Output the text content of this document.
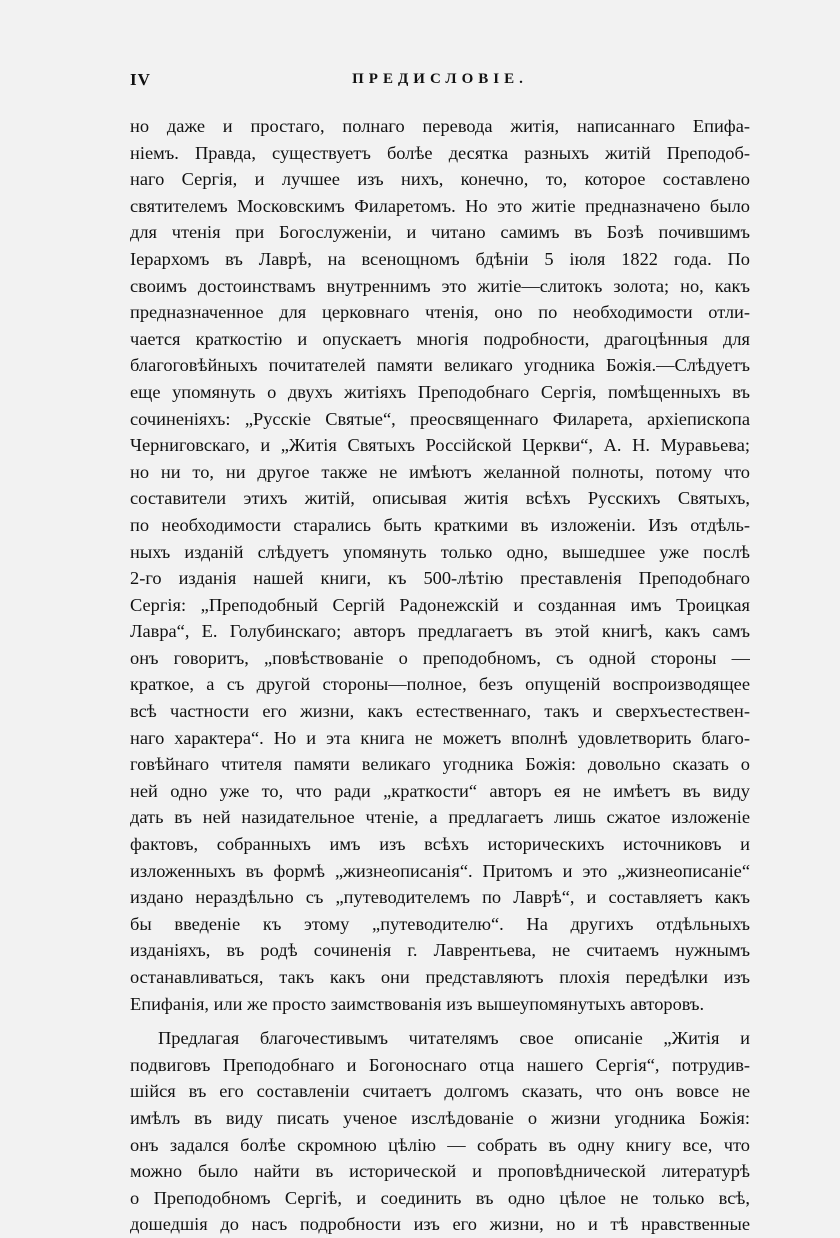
IV	ПРЕДИСЛОВІЕ.
но даже и простаго, полнаго перевода житія, написаннаго Епифа-
ніемъ. Правда, существуетъ болѣе десятка разныхъ житій Преподоб-
наго Сергія, и лучшее изъ нихъ, конечно, то, которое составлено
святителемъ Московскимъ Филаретомъ. Но это житіе предназначено было
для чтенія при Богослуженіи, и читано самимъ въ Бозѣ почившимъ
Іерархомъ въ Лаврѣ, на всенощномъ бдѣніи 5 іюля 1822 года. По
своимъ достоинствамъ внутреннимъ это житіе—слитокъ золота; но, какъ
предназначенное для церковнаго чтенія, оно по необходимости отли-
чается краткостію и опускаетъ многія подробности, драгоцѣнныя для
благоговѣйныхъ почитателей памяти великаго угодника Божія.—Слѣдуетъ
еще упомянуть о двухъ житіяхъ Преподобнаго Сергія, помѣщенныхъ въ
сочиненіяхъ: „Русскіе Святые“, преосвященнаго Филарета, архіепископа
Черниговскаго, и „Житія Святыхъ Россійской Церкви“, А. Н. Муравьева;
но ни то, ни другое также не имѣютъ желанной полноты, потому что
составители этихъ житій, описывая житія всѣхъ Русскихъ Святыхъ,
по необходимости старались быть краткими въ изложеніи. Изъ отдѣль-
ныхъ изданій слѣдуетъ упомянуть только одно, вышедшее уже послѣ
2-го изданія нашей книги, къ 500-лѣтію преставленія Преподобнаго
Сергія: „Преподобный Сергій Радонежскій и созданная имъ Троицкая
Лавра“, Е. Голубинскаго; авторъ предлагаетъ въ этой книгѣ, какъ самъ
онъ говоритъ, „повѣствованіе о преподобномъ, съ одной стороны —
краткое, а съ другой стороны—полное, безъ опущеній воспроизводящее
всѣ частности его жизни, какъ естественнаго, такъ и сверхъестествен-
наго характера“. Но и эта книга не можетъ вполнѣ удовлетворить благо-
говѣйнаго чтителя памяти великаго угодника Божія: довольно сказать о
ней одно уже то, что ради „краткости“ авторъ ея не имѣетъ въ виду
дать въ ней назидательное чтеніе, а предлагаетъ лишь сжатое изложеніе
фактовъ, собранныхъ имъ изъ всѣхъ историческихъ источниковъ и
изложенныхъ въ формѣ „жизнеописанія“. Притомъ и это „жизнеописаніе“
издано нераздѣльно съ „путеводителемъ по Лаврѣ“, и составляетъ какъ
бы введеніе къ этому „путеводителю“. На другихъ отдѣльныхъ
изданіяхъ, въ родѣ сочиненія г. Лаврентьева, не считаемъ нужнымъ
останавливаться, такъ какъ они представляютъ плохія передѣлки изъ
Епифанія, или же просто заимствованія изъ вышеупомянутыхъ авторовъ.
Предлагая благочестивымъ читателямъ свое описаніе „Житія и
подвиговъ Преподобнаго и Богоноснаго отца нашего Сергія“, потрудив-
шійся въ его составленіи считаетъ долгомъ сказать, что онъ вовсе не
имѣлъ въ виду писать ученое изслѣдованіе о жизни угодника Божія:
онъ задался болѣе скромною цѣлію — собрать въ одну книгу все, что
можно было найти въ исторической и проповѣднической литературѣ
о Преподобномъ Сергіѣ, и соединить въ одно цѣлое не только всѣ,
дошедшія до насъ подробности изъ его жизни, но и тѣ нравственные
